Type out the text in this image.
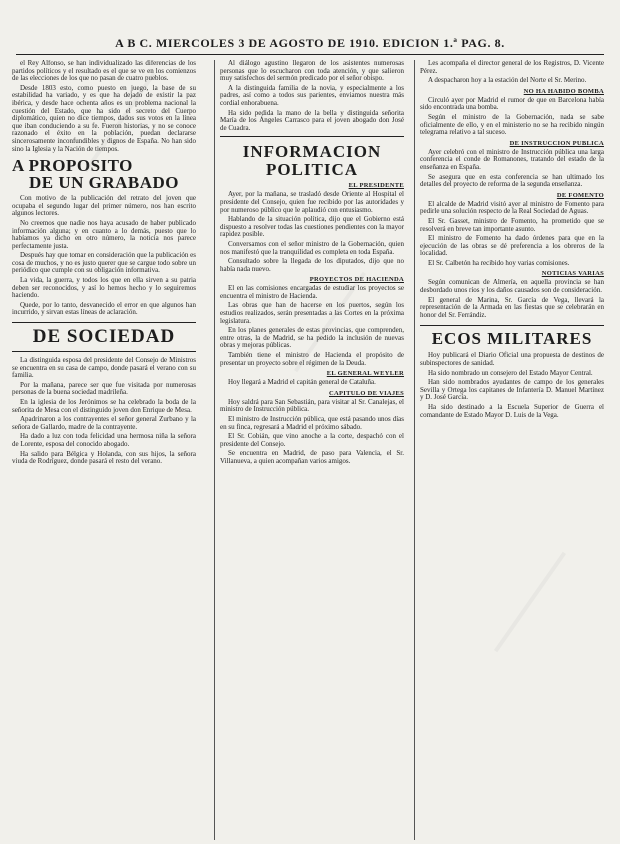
A B C. MIERCOLES 3 DE AGOSTO DE 1910. EDICION 1.ª PAG. 8.

el Rey Alfonso, se han individualizado las diferencias de los partidos políticos y el resultado es el que se ve en los comienzos de las elecciones de los que no pasan de cuatro pueblos.

Desde 1803 esto, como puesto en juego, la base de su estabilidad ha variado, y es que ha dejado de existir la paz ibérica, y desde hace ochenta años es un problema nacional la cuestión del Estado, que ha sido el secreto del Cuerpo diplomático, quien no dice tiempos, dados sus votos en la línea que iban conduciendo a su fe. Fueron historias, y no se conoce razonado el éxito en la población, puedan declararse sincerosamente inconfundibles y dignos de España. No han sido sino la Iglesia y la Nación de tiempos.

A PROPOSITO
DE UN GRABADO

Con motivo de la publicación del retrato del joven que ocupaba el segundo lugar del primer número, nos han escrito algunos lectores.

No creemos que nadie nos haya acusado de haber publicado información alguna; y en cuanto a lo demás, puesto que lo habíamos ya dicho en otro número, la noticia nos parece perfectamente justa.

Después hay que tomar en consideración que la publicación es cosa de muchos, y no es justo querer que se cargue todo sobre un periódico que cumple con su obligación informativa.

La vida, la guerra, y todos los que en ella sirven a su patria deben ser reconocidos, y así lo hemos hecho y lo seguiremos haciendo.

Quede, por lo tanto, desvanecido el error en que algunos han incurrido, y sirvan estas líneas de aclaración.

DE SOCIEDAD

La distinguida esposa del presidente del Consejo de Ministros se encuentra en su casa de campo, donde pasará el verano con su familia.

Por la mañana, parece ser que fue visitada por numerosas personas de la buena sociedad madrileña.

En la iglesia de los Jerónimos se ha celebrado la boda de la señorita de Mesa con el distinguido joven don Enrique de Mesa.

Apadrinaron a los contrayentes el señor general Zurbano y la señora de Gallardo, madre de la contrayente.

Ha dado a luz con toda felicidad una hermosa niña la señora de Lorente, esposa del conocido abogado.

Ha salido para Bélgica y Holanda, con sus hijos, la señora viuda de Rodríguez, donde pasará el resto del verano.

Al diálogo agustino llegaron de los asistentes numerosas personas que lo escucharon con toda atención, y que salieron muy satisfechos del sermón predicado por el señor obispo.

A la distinguida familia de la novia, y especialmente a los padres, así como a todos sus parientes, enviamos nuestra más cordial enhorabuena.

Ha sido pedida la mano de la bella y distinguida señorita María de los Ángeles Carrasco para el joven abogado don José de Cuadra.

INFORMACION
POLITICA
EL PRESIDENTE

Ayer, por la mañana, se trasladó desde Oriente al Hospital el presidente del Consejo, quien fue recibido por las autoridades y por numeroso público que le aplaudió con entusiasmo.

Hablando de la situación política, dijo que el Gobierno está dispuesto a resolver todas las cuestiones pendientes con la mayor rapidez posible.

Conversamos con el señor ministro de la Gobernación, quien nos manifestó que la tranquilidad es completa en toda España.

Consultado sobre la llegada de los diputados, dijo que no había nada nuevo.

PROYECTOS DE HACIENDA

El en las comisiones encargadas de estudiar los proyectos se encuentra el ministro de Hacienda.

Las obras que han de hacerse en los puertos, según los estudios realizados, serán presentadas a las Cortes en la próxima legislatura.

En los planes generales de estas provincias, que comprenden, entre otras, la de Madrid, se ha pedido la inclusión de nuevas obras y mejoras públicas.

También tiene el ministro de Hacienda el propósito de presentar un proyecto sobre el régimen de la Deuda.

EL GENERAL WEYLER

Hoy llegará a Madrid el capitán general de Cataluña.

CAPITULO DE VIAJES

Hoy saldrá para San Sebastián, para visitar al Sr. Canalejas, el ministro de Instrucción pública.

El ministro de Instrucción pública, que está pasando unos días en su finca, regresará a Madrid el próximo sábado.

El Sr. Cobián, que vino anoche a la corte, despachó con el presidente del Consejo.

Se encuentra en Madrid, de paso para Valencia, el Sr. Villanueva, a quien acompañan varios amigos.

Les acompaña el director general de los Registros, D. Vicente Pérez.

A despacharon hoy a la estación del Norte el Sr. Merino.

NO HA HABIDO BOMBA

Circuló ayer por Madrid el rumor de que en Barcelona había sido encontrada una bomba.

Según el ministro de la Gobernación, nada se sabe oficialmente de ello, y en el ministerio no se ha recibido ningún telegrama relativo a tal suceso.

DE INSTRUCCION PUBLICA

Ayer celebró con el ministro de Instrucción pública una larga conferencia el conde de Romanones, tratando del estado de la enseñanza en España.

Se asegura que en esta conferencia se han ultimado los detalles del proyecto de reforma de la segunda enseñanza.

DE FOMENTO

El alcalde de Madrid visitó ayer al ministro de Fomento para pedirle una solución respecto de la Real Sociedad de Aguas.

El Sr. Gasset, ministro de Fomento, ha prometido que se resolverá en breve tan importante asunto.

El ministro de Fomento ha dado órdenes para que en la ejecución de las obras se dé preferencia a los obreros de la localidad.

El Sr. Calbetón ha recibido hoy varias comisiones.

NOTICIAS VARIAS

Según comunican de Almería, en aquella provincia se han desbordado unos ríos y los daños causados son de consideración.

El general de Marina, Sr. García de Vega, llevará la representación de la Armada en las fiestas que se celebrarán en honor del Sr. Ferrándiz.

ECOS MILITARES

Hoy publicará el Diario Oficial una propuesta de destinos de subinspectores de sanidad.

Ha sido nombrado un consejero del Estado Mayor Central.

Han sido nombrados ayudantes de campo de los generales Sevilla y Ortega los capitanes de Infantería D. Manuel Martínez y D. José García.

Ha sido destinado a la Escuela Superior de Guerra el comandante de Estado Mayor D. Luis de la Vega.
